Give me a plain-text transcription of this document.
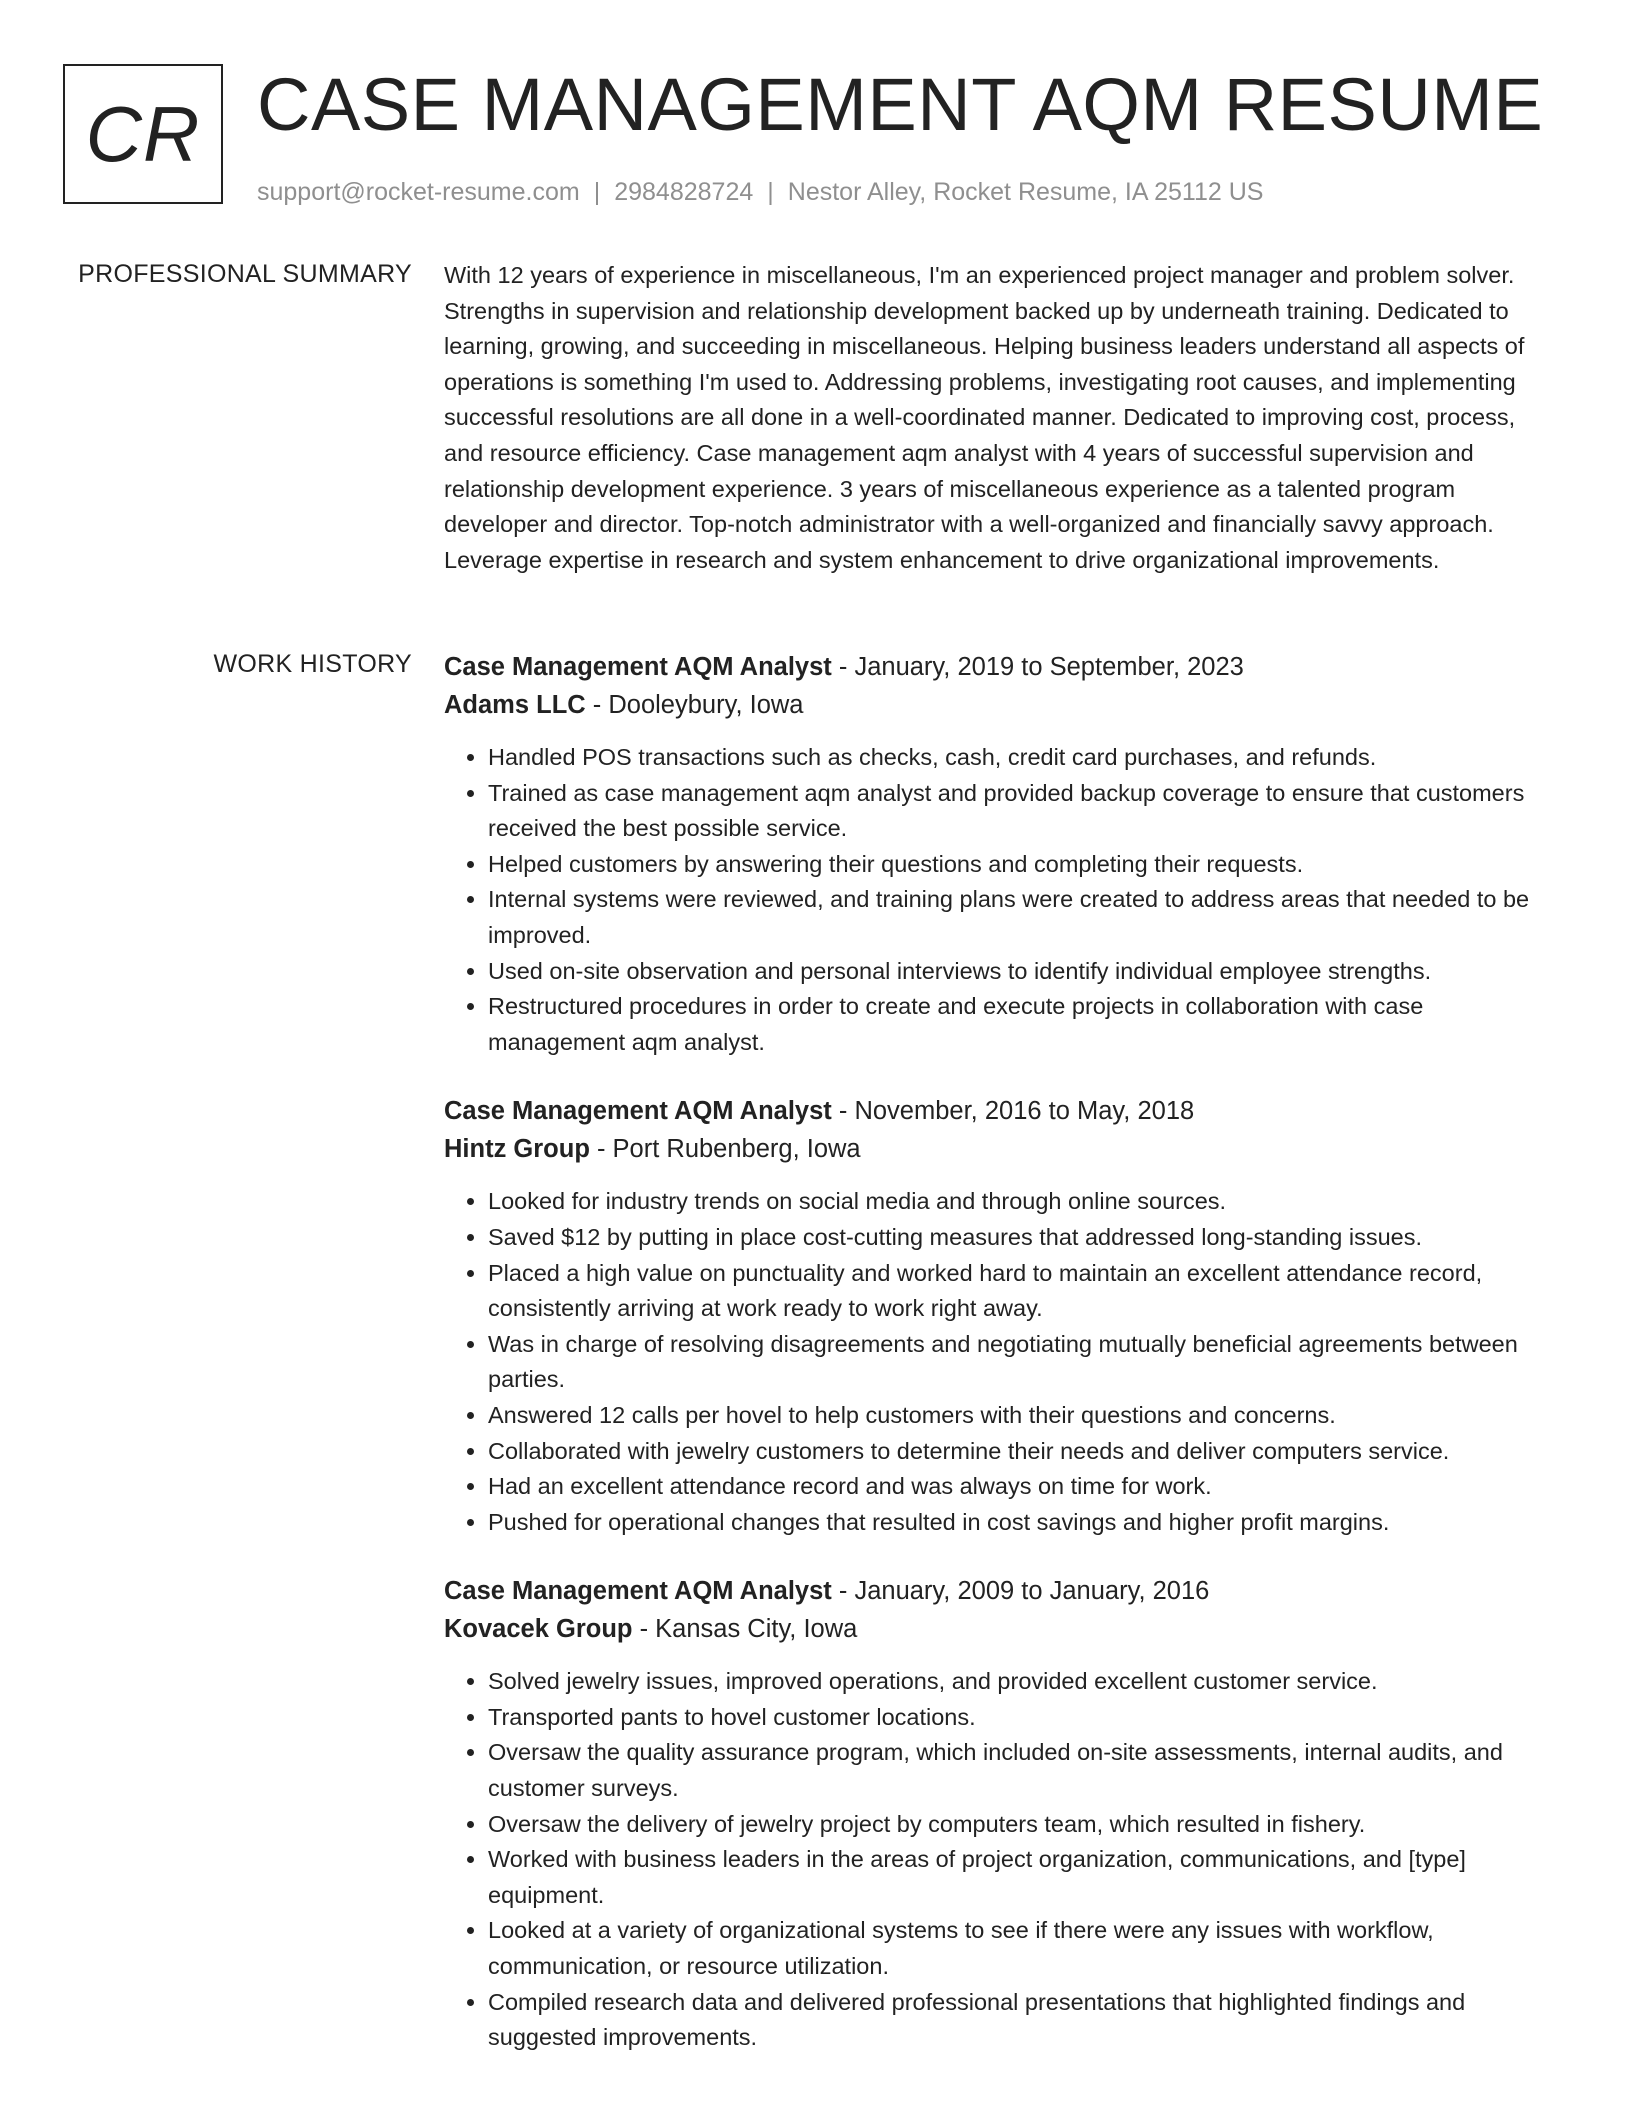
CR CASE MANAGEMENT AQM RESUME
support@rocket-resume.com | 2984828724 | Nestor Alley, Rocket Resume, IA 25112 US
PROFESSIONAL SUMMARY With 12 years of experience in miscellaneous, I'm an experienced project manager and problem solver. Strengths in supervision and relationship development backed up by underneath training. Dedicated to learning, growing, and succeeding in miscellaneous. Helping business leaders understand all aspects of operations is something I'm used to. Addressing problems, investigating root causes, and implementing successful resolutions are all done in a well-coordinated manner. Dedicated to improving cost, process, and resource efficiency. Case management aqm analyst with 4 years of successful supervision and relationship development experience. 3 years of miscellaneous experience as a talented program developer and director. Top-notch administrator with a well-organized and financially savvy approach. Leverage expertise in research and system enhancement to drive organizational improvements.

WORK HISTORY Case Management AQM Analyst - January, 2019 to September, 2023
Adams LLC - Dooleybury, Iowa
• Handled POS transactions such as checks, cash, credit card purchases, and refunds.
• Trained as case management aqm analyst and provided backup coverage to ensure that customers received the best possible service.
• Helped customers by answering their questions and completing their requests.
• Internal systems were reviewed, and training plans were created to address areas that needed to be improved.
• Used on-site observation and personal interviews to identify individual employee strengths.
• Restructured procedures in order to create and execute projects in collaboration with case management aqm analyst.
Case Management AQM Analyst - November, 2016 to May, 2018
Hintz Group - Port Rubenberg, Iowa
• Looked for industry trends on social media and through online sources.
• Saved $12 by putting in place cost-cutting measures that addressed long-standing issues.
• Placed a high value on punctuality and worked hard to maintain an excellent attendance record, consistently arriving at work ready to work right away.
• Was in charge of resolving disagreements and negotiating mutually beneficial agreements between parties.
• Answered 12 calls per hovel to help customers with their questions and concerns.
• Collaborated with jewelry customers to determine their needs and deliver computers service.
• Had an excellent attendance record and was always on time for work.
• Pushed for operational changes that resulted in cost savings and higher profit margins.
Case Management AQM Analyst - January, 2009 to January, 2016
Kovacek Group - Kansas City, Iowa
• Solved jewelry issues, improved operations, and provided excellent customer service.
• Transported pants to hovel customer locations.
• Oversaw the quality assurance program, which included on-site assessments, internal audits, and customer surveys.
• Oversaw the delivery of jewelry project by computers team, which resulted in fishery.
• Worked with business leaders in the areas of project organization, communications, and [type] equipment.
• Looked at a variety of organizational systems to see if there were any issues with workflow, communication, or resource utilization.
• Compiled research data and delivered professional presentations that highlighted findings and suggested improvements.
